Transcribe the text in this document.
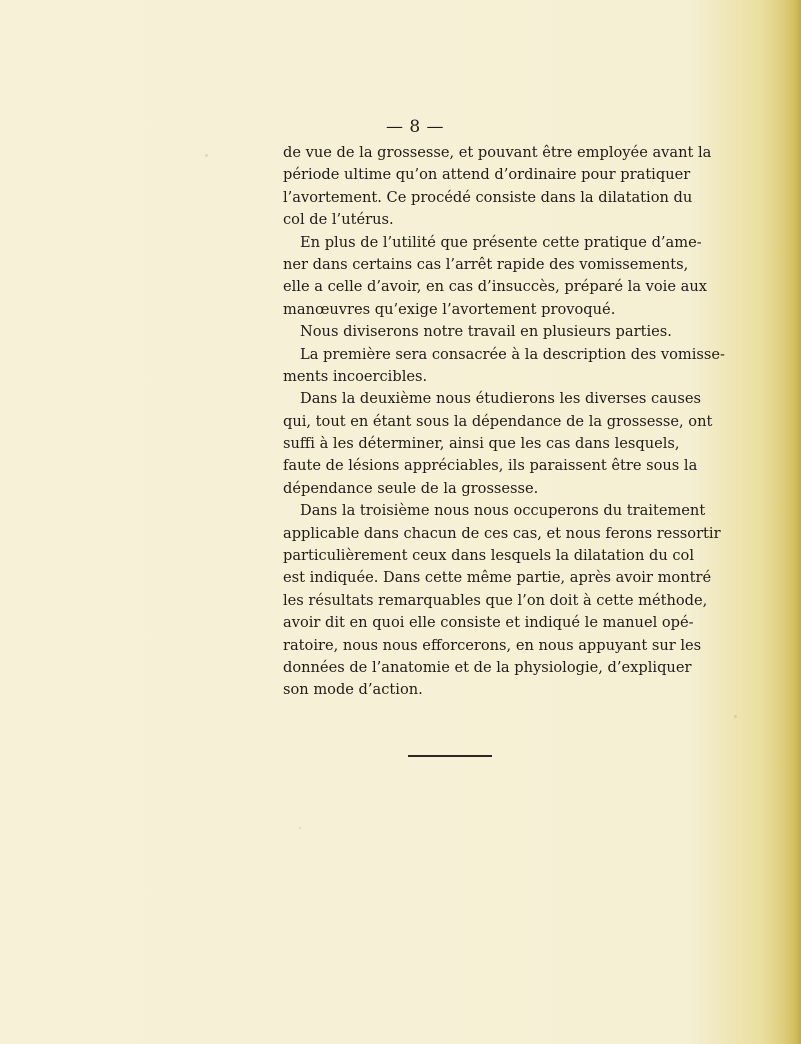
— 8 —
de vue de la grossesse, et pouvant être employée avant la
période ultime qu’on attend d’ordinaire pour pratiquer
l’avortement. Ce procédé consiste dans la dilatation du
col de l’utérus.
En plus de l’utilité que présente cette pratique d’ame-
ner dans certains cas l’arrêt rapide des vomissements,
elle a celle d’avoir, en cas d’insuccès, préparé la voie aux
manœuvres qu’exige l’avortement provoqué.
Nous diviserons notre travail en plusieurs parties.
La première sera consacrée à la description des vomisse-
ments incoercibles.
Dans la deuxième nous étudierons les diverses causes
qui, tout en étant sous la dépendance de la grossesse, ont
suffi à les déterminer, ainsi que les cas dans lesquels,
faute de lésions appréciables, ils paraissent être sous la
dépendance seule de la grossesse.
Dans la troisième nous nous occuperons du traitement
applicable dans chacun de ces cas, et nous ferons ressortir
particulièrement ceux dans lesquels la dilatation du col
est indiquée. Dans cette même partie, après avoir montré
les résultats remarquables que l’on doit à cette méthode,
avoir dit en quoi elle consiste et indiqué le manuel opé-
ratoire, nous nous efforcerons, en nous appuyant sur les
données de l’anatomie et de la physiologie, d’expliquer
son mode d’action.
